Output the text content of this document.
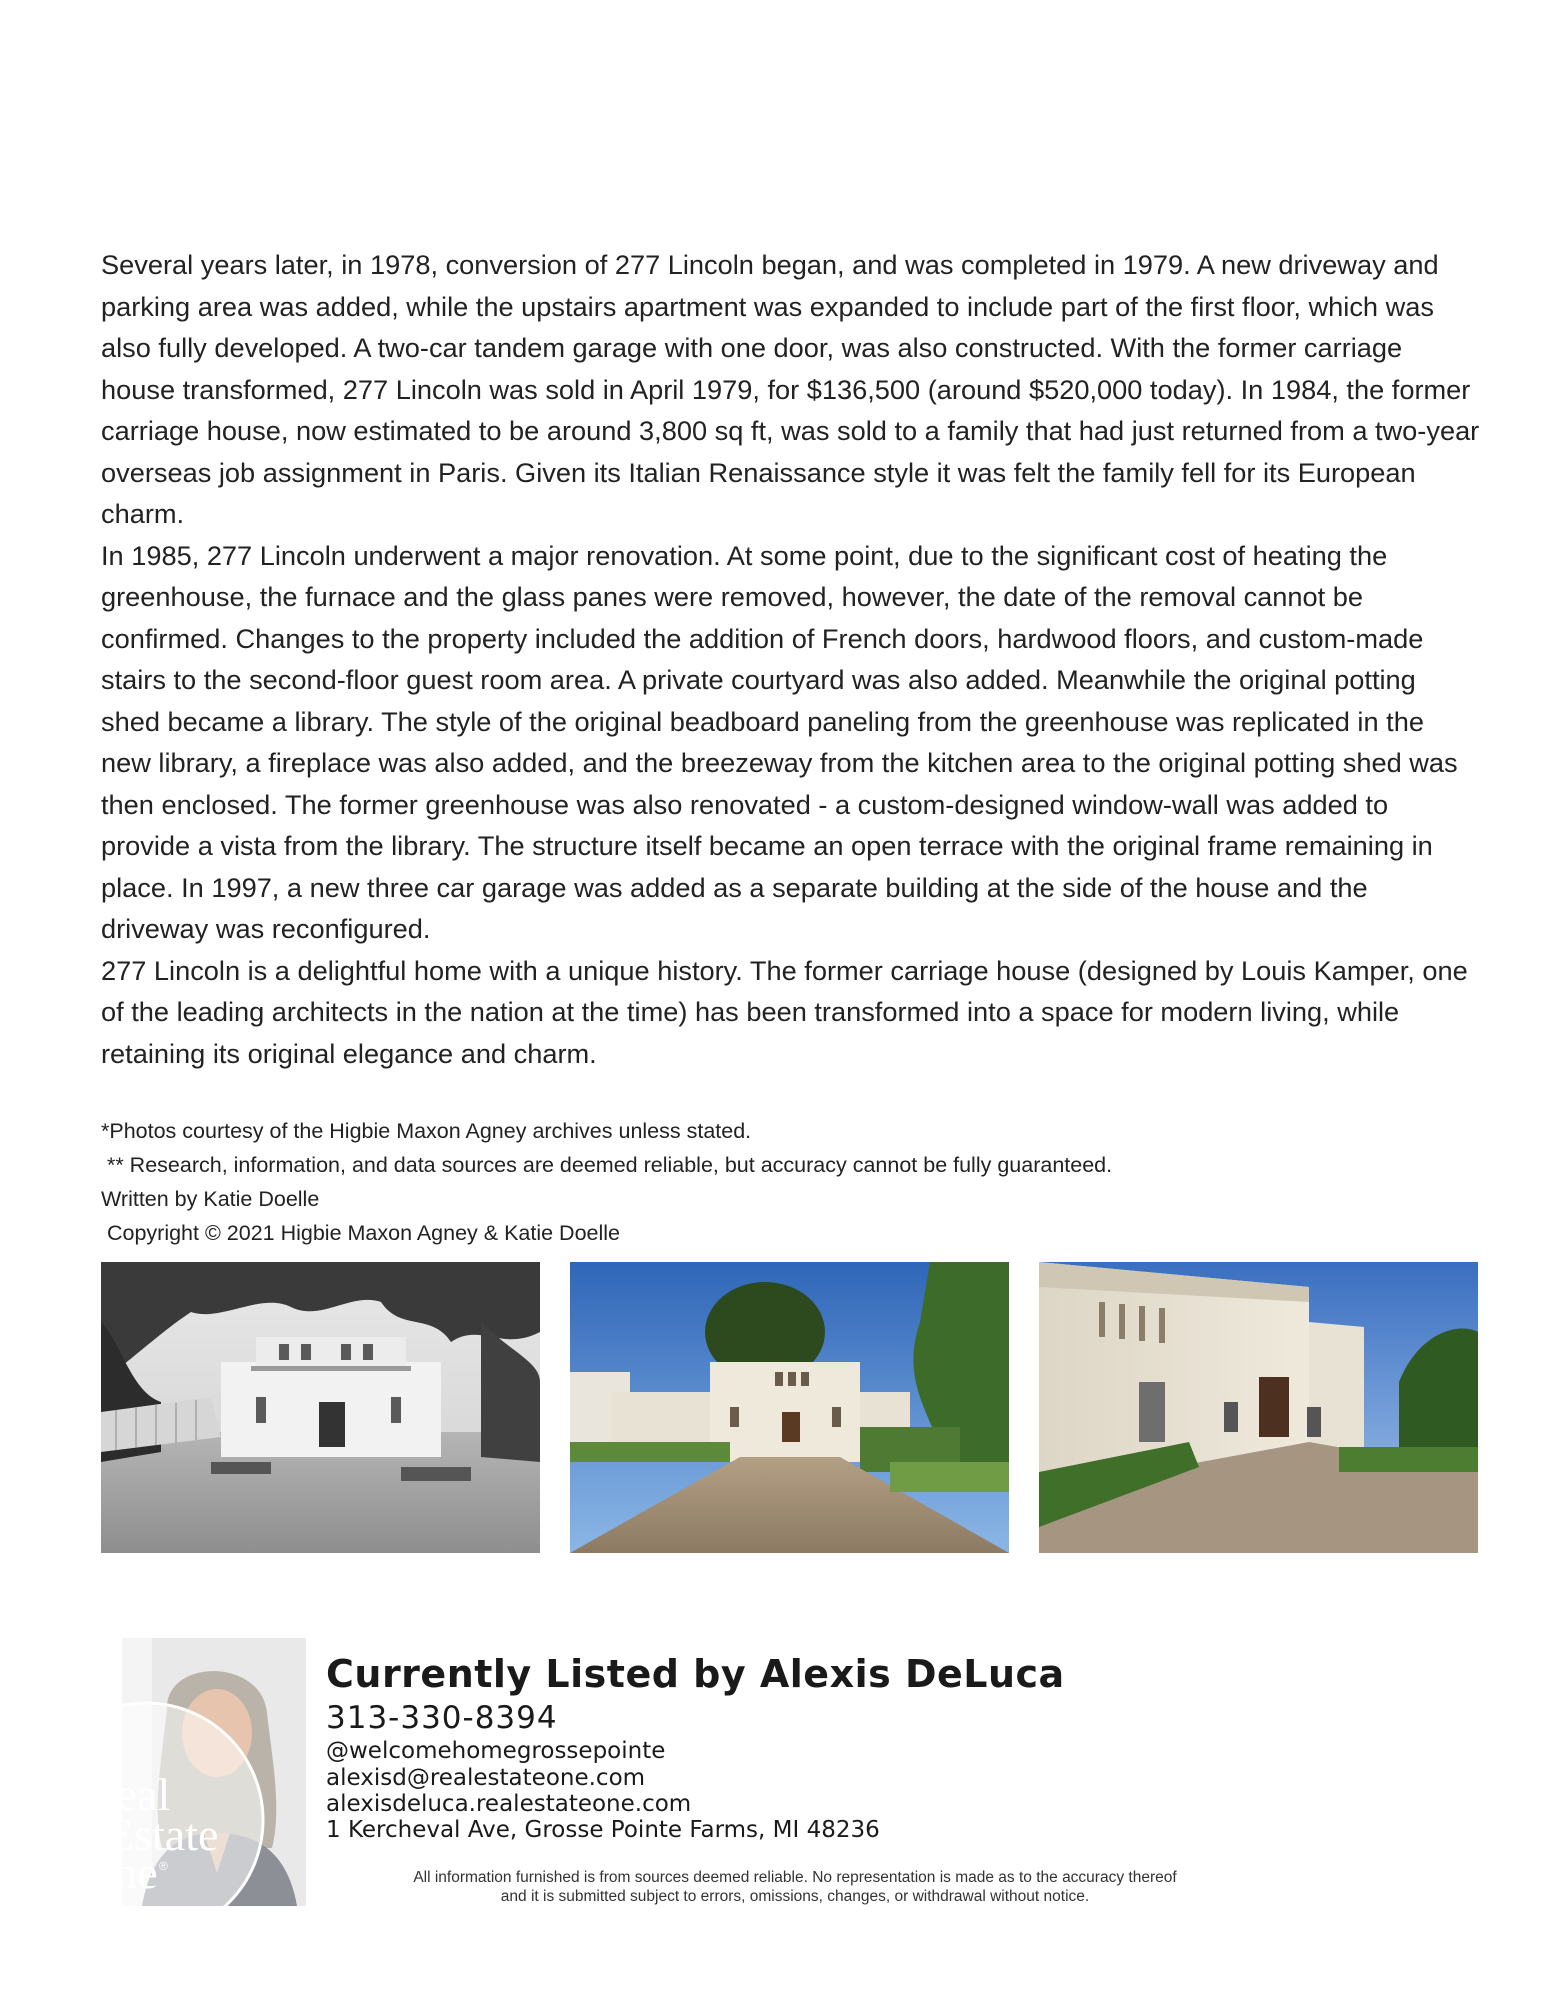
Several years later, in 1978, conversion of 277 Lincoln began, and was completed in 1979. A new driveway and parking area was added, while the upstairs apartment was expanded to include part of the first floor, which was also fully developed. A two-car tandem garage with one door, was also constructed. With the former carriage house transformed, 277 Lincoln was sold in April 1979, for $136,500 (around $520,000 today). In 1984, the former carriage house, now estimated to be around 3,800 sq ft, was sold to a family that had just returned from a two-year overseas job assignment in Paris. Given its Italian Renaissance style it was felt the family fell for its European charm.

In 1985, 277 Lincoln underwent a major renovation. At some point, due to the significant cost of heating the greenhouse, the furnace and the glass panes were removed, however, the date of the removal cannot be confirmed. Changes to the property included the addition of French doors, hardwood floors, and custom-made stairs to the second-floor guest room area. A private courtyard was also added. Meanwhile the original potting shed became a library. The style of the original beadboard paneling from the greenhouse was replicated in the new library, a fireplace was also added, and the breezeway from the kitchen area to the original potting shed was then enclosed. The former greenhouse was also renovated - a custom-designed window-wall was added to provide a vista from the library. The structure itself became an open terrace with the original frame remaining in place. In 1997, a new three car garage was added as a separate building at the side of the house and the driveway was reconfigured.

277 Lincoln is a delightful home with a unique history. The former carriage house (designed by Louis Kamper, one of the leading architects in the nation at the time) has been transformed into a space for modern living, while retaining its original elegance and charm.

*Photos courtesy of the Higbie Maxon Agney archives unless stated.
** Research, information, and data sources are deemed reliable, but accuracy cannot be fully guaranteed.
Written by Katie Doelle
Copyright © 2021 Higbie Maxon Agney & Katie Doelle
Real
Estate
One ®
Currently Listed by Alexis DeLuca
313-330-8394
@welcomehomegrossepointe
alexisd@realestateone.com
alexisdeluca.realestateone.com
1 Kercheval Ave, Grosse Pointe Farms, MI 48236
All information furnished is from sources deemed reliable. No representation is made as to the accuracy thereof
and it is submitted subject to errors, omissions, changes, or withdrawal without notice.
